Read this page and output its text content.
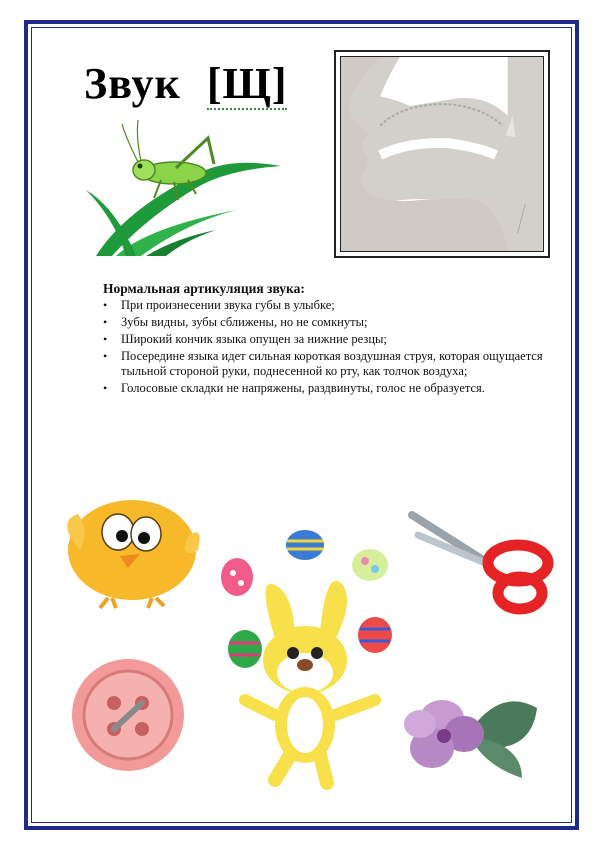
Звук [Щ]
Нормальная артикуляция звука:
• При произнесении звука губы в улыбке;
• Зубы видны, зубы сближены, но не сомкнуты;
• Широкий кончик языка опущен за нижние резцы;
• Посередине языка идет сильная короткая воздушная струя, которая ощущается тыльной стороной руки, поднесенной ко рту, как толчок воздуха;
• Голосовые складки не напряжены, раздвинуты, голос не образуется.
